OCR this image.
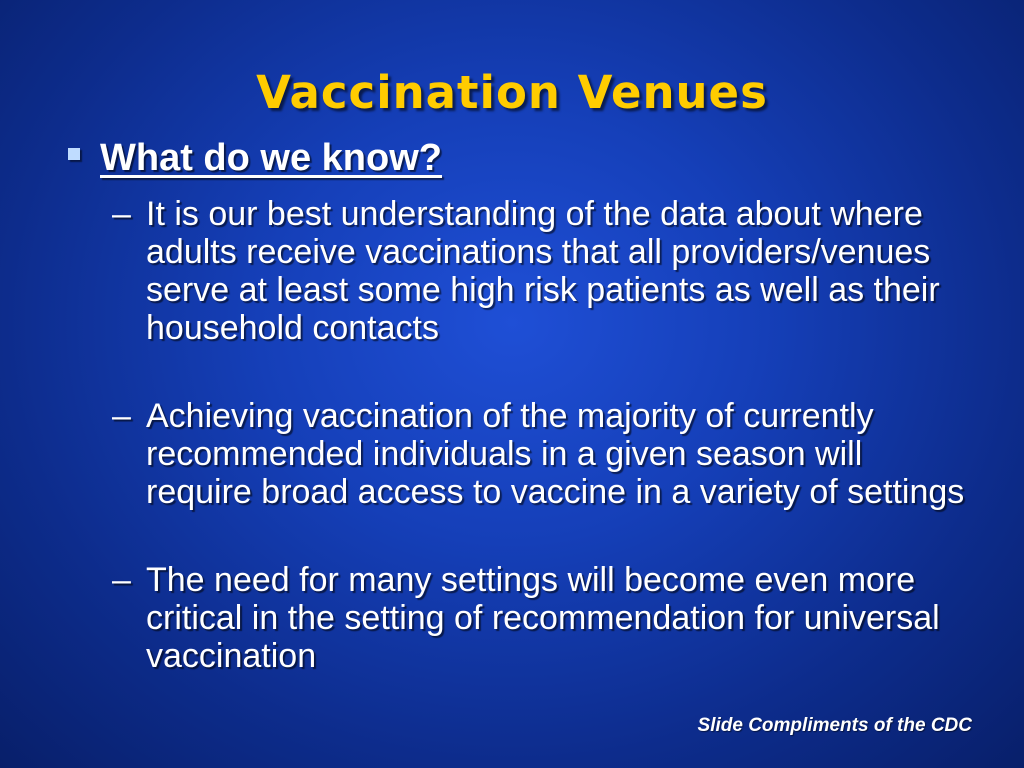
Vaccination Venues
What do we know?
– It is our best understanding of the data about where adults receive vaccinations that all providers/venues serve at least some high risk patients as well as their household contacts
– Achieving vaccination of the majority of currently recommended individuals in a given season will require broad access to vaccine in a variety of settings
– The need for many settings will become even more critical in the setting of recommendation for universal vaccination
Slide Compliments of the CDC
